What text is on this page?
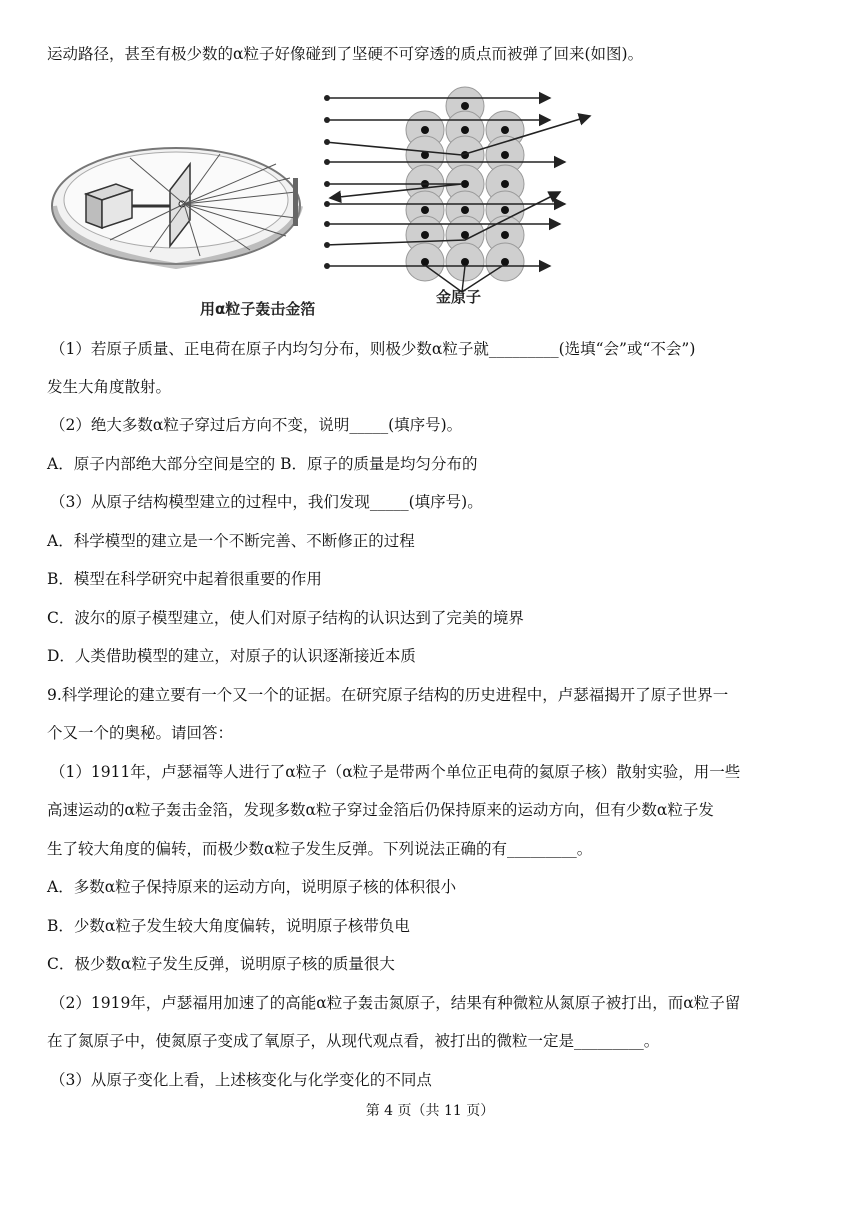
运动路径，甚至有极少数的α粒子好像碰到了坚硬不可穿透的质点而被弹了回来(如图)。
用α粒子轰击金箔
金原子
（1）若原子质量、正电荷在原子内均匀分布，则极少数α粒子就_________(选填“会”或“不会”)
发生大角度散射。
（2）绝大多数α粒子穿过后方向不变，说明_____(填序号)。
A．原子内部绝大部分空间是空的 B．原子的质量是均匀分布的
（3）从原子结构模型建立的过程中，我们发现_____(填序号)。
A．科学模型的建立是一个不断完善、不断修正的过程
B．模型在科学研究中起着很重要的作用
C．波尔的原子模型建立，使人们对原子结构的认识达到了完美的境界
D．人类借助模型的建立，对原子的认识逐渐接近本质
9.科学理论的建立要有一个又一个的证据。在研究原子结构的历史进程中，卢瑟福揭开了原子世界一
个又一个的奥秘。请回答：
（1）1911年，卢瑟福等人进行了α粒子（α粒子是带两个单位正电荷的氦原子核）散射实验，用一些
高速运动的α粒子轰击金箔，发现多数α粒子穿过金箔后仍保持原来的运动方向，但有少数α粒子发
生了较大角度的偏转，而极少数α粒子发生反弹。下列说法正确的有_________。
A．多数α粒子保持原来的运动方向，说明原子核的体积很小
B．少数α粒子发生较大角度偏转，说明原子核带负电
C．极少数α粒子发生反弹，说明原子核的质量很大
（2）1919年，卢瑟福用加速了的高能α粒子轰击氮原子，结果有种微粒从氮原子被打出，而α粒子留
在了氮原子中，使氮原子变成了氧原子，从现代观点看，被打出的微粒一定是_________。
（3）从原子变化上看，上述核变化与化学变化的不同点
第 4 页（共 11 页）
